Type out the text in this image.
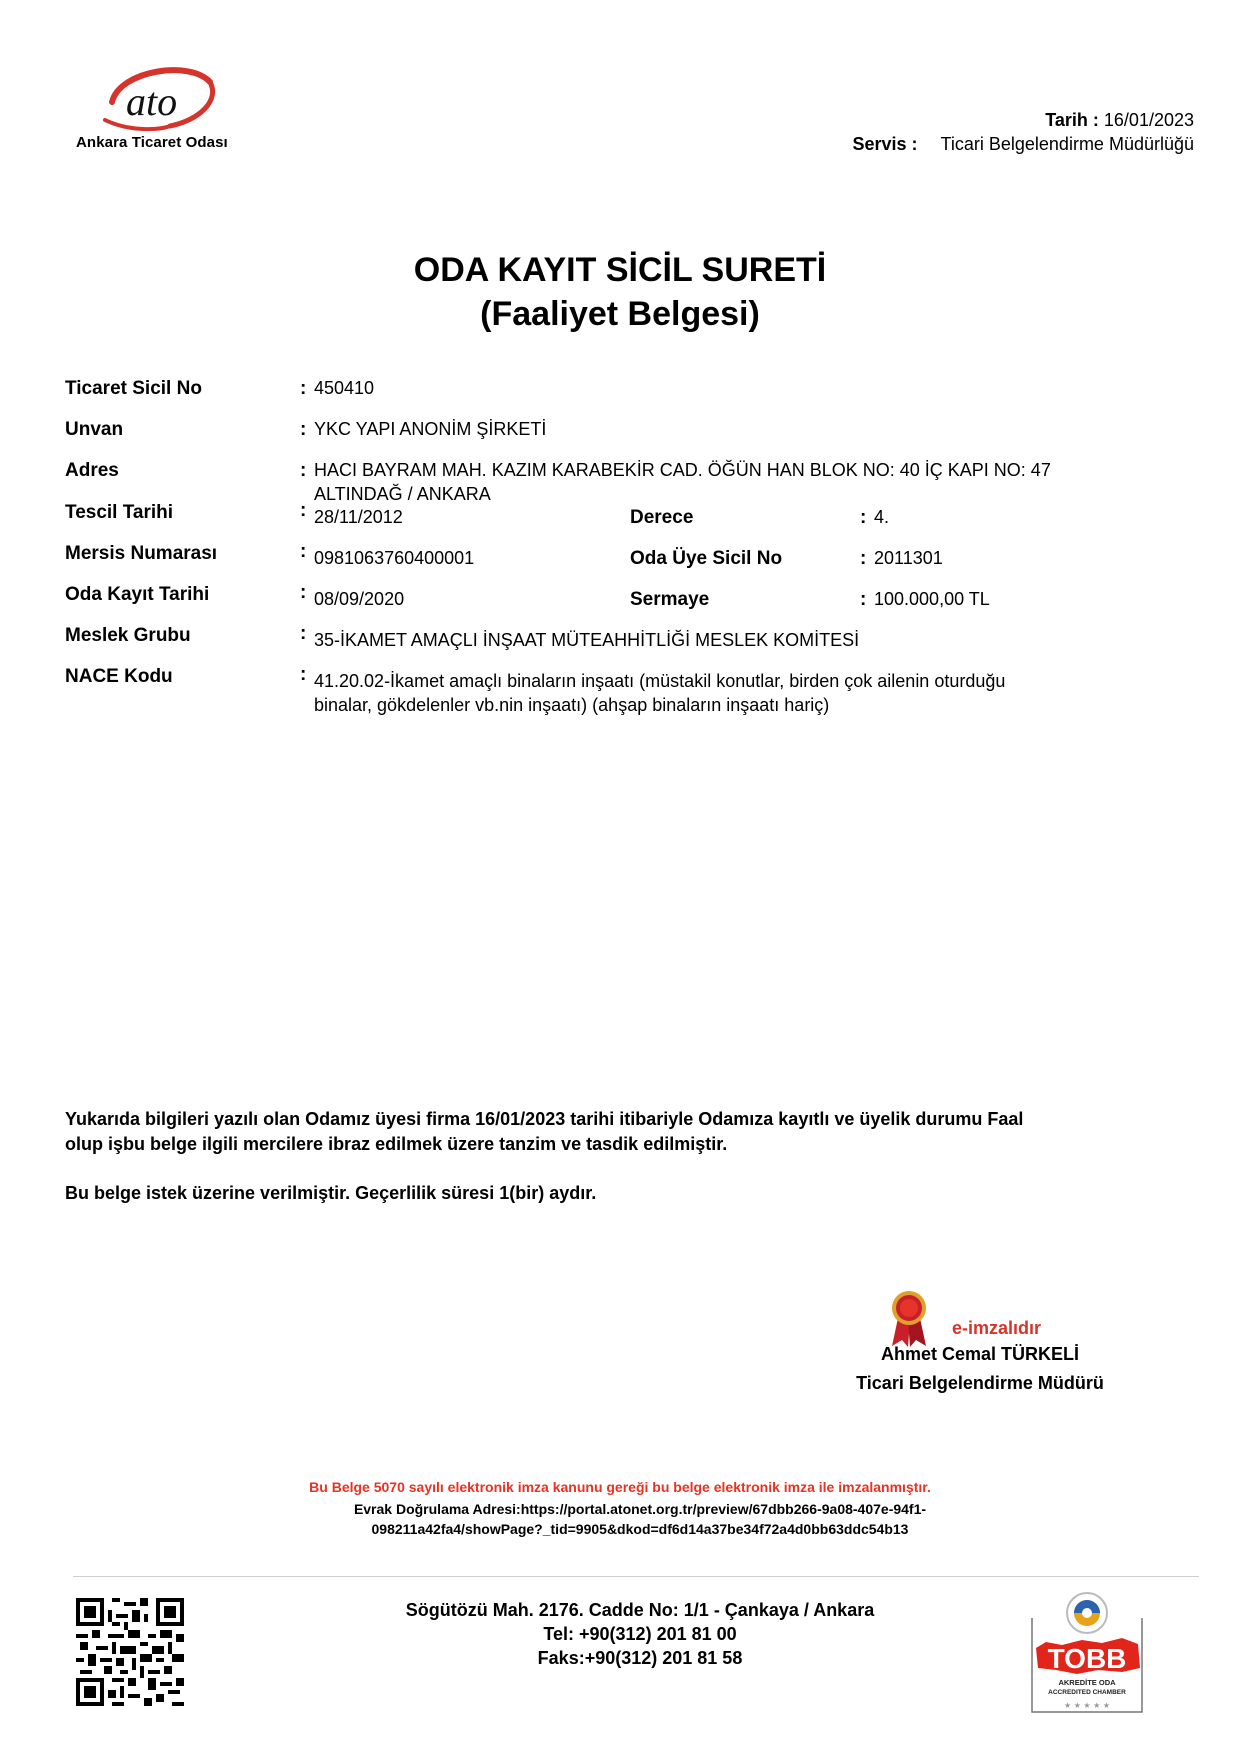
ato
Ankara Ticaret Odası
Tarih : 16/01/2023
Servis : Ticari Belgelendirme Müdürlüğü
ODA KAYIT SİCİL SURETİ
(Faaliyet Belgesi)
Ticaret Sicil No	: 450410
Unvan	: YKC YAPI ANONİM ŞİRKETİ
Adres	: HACI BAYRAM MAH. KAZIM KARABEKİR CAD. ÖĞÜN HAN BLOK NO: 40 İÇ KAPI NO: 47
ALTINDAĞ / ANKARA
Tescil Tarihi	: 28/11/2012	Derece	: 4.
Mersis Numarası	: 0981063760400001	Oda Üye Sicil No	: 2011301
Oda Kayıt Tarihi	: 08/09/2020	Sermaye	: 100.000,00 TL
Meslek Grubu	: 35-İKAMET AMAÇLI İNŞAAT MÜTEAHHİTLİĞİ MESLEK KOMİTESİ
NACE Kodu	: 41.20.02-İkamet amaçlı binaların inşaatı (müstakil konutlar, birden çok ailenin oturduğu
binalar, gökdelenler vb.nin inşaatı) (ahşap binaların inşaatı hariç)
Yukarıda bilgileri yazılı olan Odamız üyesi firma 16/01/2023 tarihi itibariyle Odamıza kayıtlı ve üyelik durumu Faal
olup işbu belge ilgili mercilere ibraz edilmek üzere tanzim ve tasdik edilmiştir.
Bu belge istek üzerine verilmiştir. Geçerlilik süresi 1(bir) aydır.
e-imzalıdır
Ahmet Cemal TÜRKELİ
Ticari Belgelendirme Müdürü
Bu Belge 5070 sayılı elektronik imza kanunu gereği bu belge elektronik imza ile imzalanmıştır.
Evrak Doğrulama Adresi:https://portal.atonet.org.tr/preview/67dbb266-9a08-407e-94f1-
098211a42fa4/showPage?_tid=9905&dkod=df6d14a37be34f72a4d0bb63ddc54b13
Sögütözü Mah. 2176. Cadde No: 1/1 - Çankaya / Ankara
Tel: +90(312) 201 81 00
Faks:+90(312) 201 81 58	TOBB
AKREDİTE ODA
ACCREDITED CHAMBER
★ ★ ★ ★ ★
